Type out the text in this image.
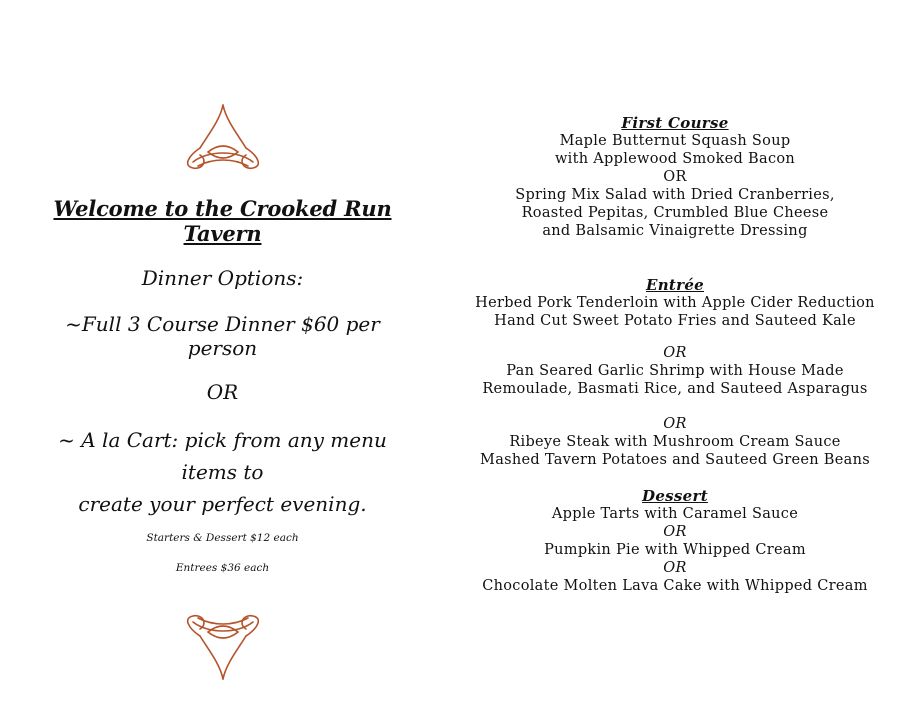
Welcome to the Crooked Run Tavern
Dinner Options:
~Full 3 Course Dinner $60 per person
OR
~ A la Cart: pick from any menu items to
create your perfect evening.
Starters & Dessert $12 each
Entrees $36 each
First Course
Maple Butternut Squash Soup
with Applewood Smoked Bacon
OR
Spring Mix Salad with Dried Cranberries,
Roasted Pepitas, Crumbled Blue Cheese
and Balsamic Vinaigrette Dressing
Entrée
Herbed Pork Tenderloin with Apple Cider Reduction
Hand Cut Sweet Potato Fries and Sauteed Kale
OR
Pan Seared Garlic Shrimp with House Made
Remoulade, Basmati Rice, and Sauteed Asparagus
OR
Ribeye Steak with Mushroom Cream Sauce
Mashed Tavern Potatoes and Sauteed Green Beans
Dessert
Apple Tarts with Caramel Sauce
OR
Pumpkin Pie with Whipped Cream
OR
Chocolate Molten Lava Cake with Whipped Cream
